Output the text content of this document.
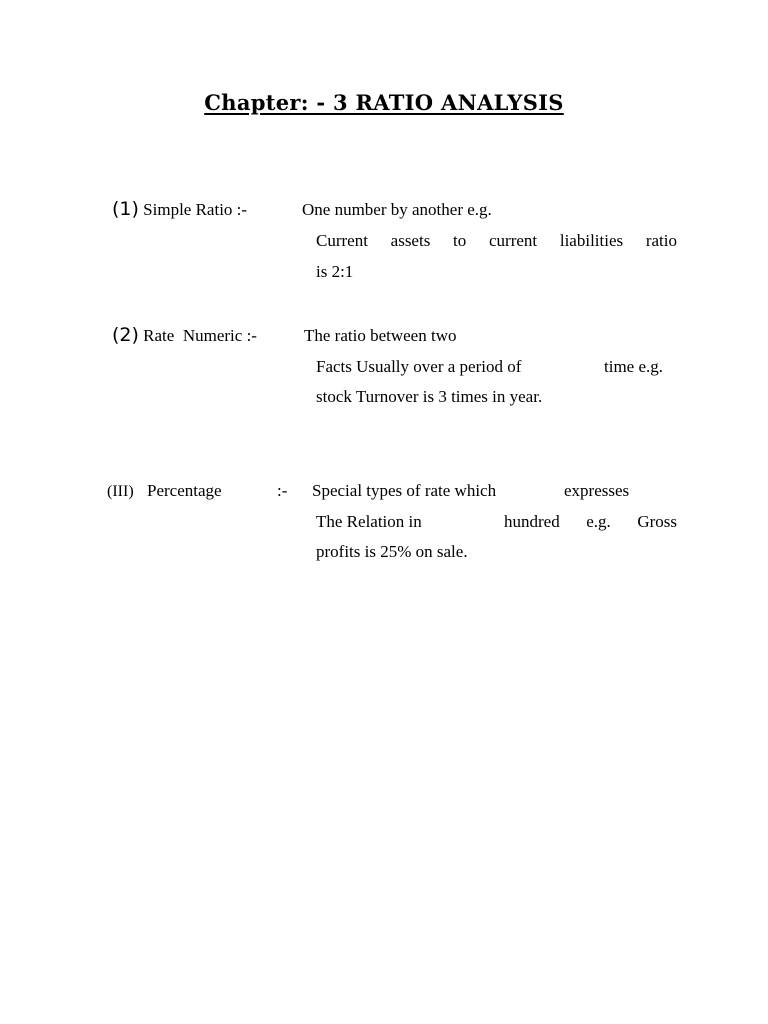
Chapter: - 3 RATIO ANALYSIS
(1) Simple Ratio :-	One number by another e.g.
Current assets to current liabilities ratio
is 2:1
(2) Rate  Numeric :-	The ratio between two
Facts Usually over a period of	time e.g.
stock Turnover is 3 times in year.
(III) Percentage	:- Special types of rate which	expresses
The Relation in	hundred e.g. Gross
profits is 25% on sale.
